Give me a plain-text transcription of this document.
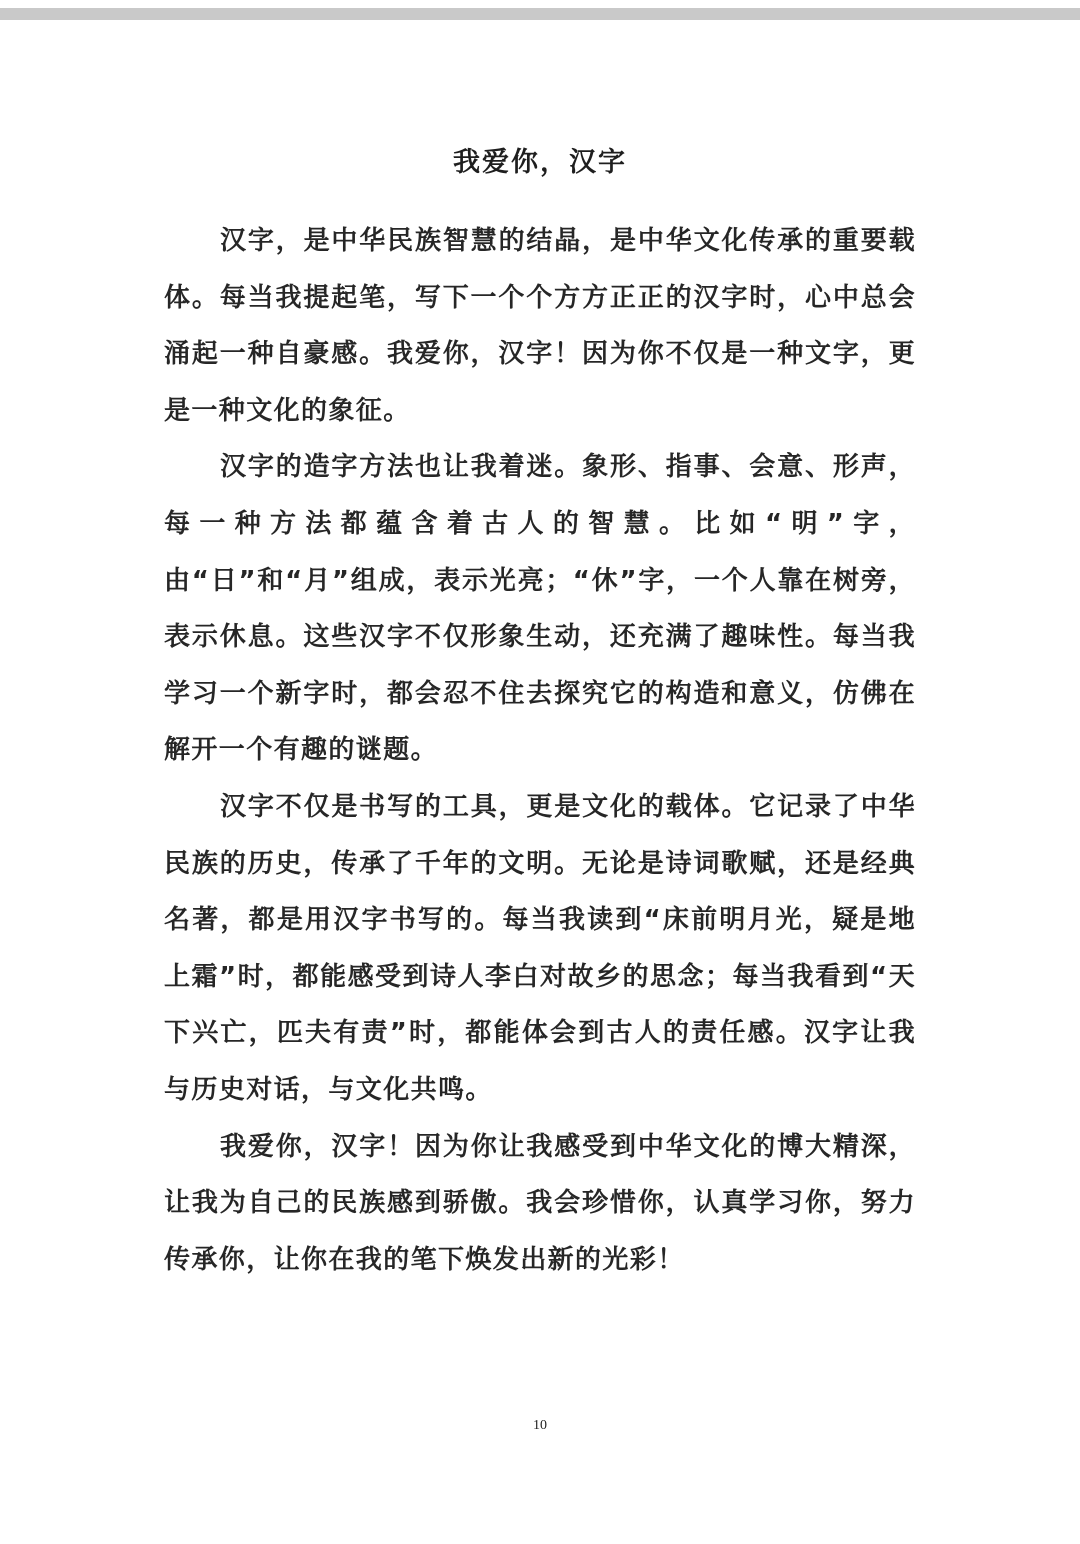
我爱你，汉字

汉字，是中华民族智慧的结晶，是中华文化传承的重要载体。每当我提起笔，写下一个个方方正正的汉字时，心中总会涌起一种自豪感。我爱你，汉字！因为你不仅是一种文字，更是一种文化的象征。

汉字的造字方法也让我着迷。象形、指事、会意、形声，每一种方法都蕴含着古人的智慧。比如“明”字，由“日”和“月”组成，表示光亮；“休”字，一个人靠在树旁，表示休息。这些汉字不仅形象生动，还充满了趣味性。每当我学习一个新字时，都会忍不住去探究它的构造和意义，仿佛在解开一个有趣的谜题。

汉字不仅是书写的工具，更是文化的载体。它记录了中华民族的历史，传承了千年的文明。无论是诗词歌赋，还是经典名著，都是用汉字书写的。每当我读到“床前明月光，疑是地上霜”时，都能感受到诗人李白对故乡的思念；每当我看到“天下兴亡，匹夫有责”时，都能体会到古人的责任感。汉字让我与历史对话，与文化共鸣。

我爱你，汉字！因为你让我感受到中华文化的博大精深，让我为自己的民族感到骄傲。我会珍惜你，认真学习你，努力传承你，让你在我的笔下焕发出新的光彩！

10
